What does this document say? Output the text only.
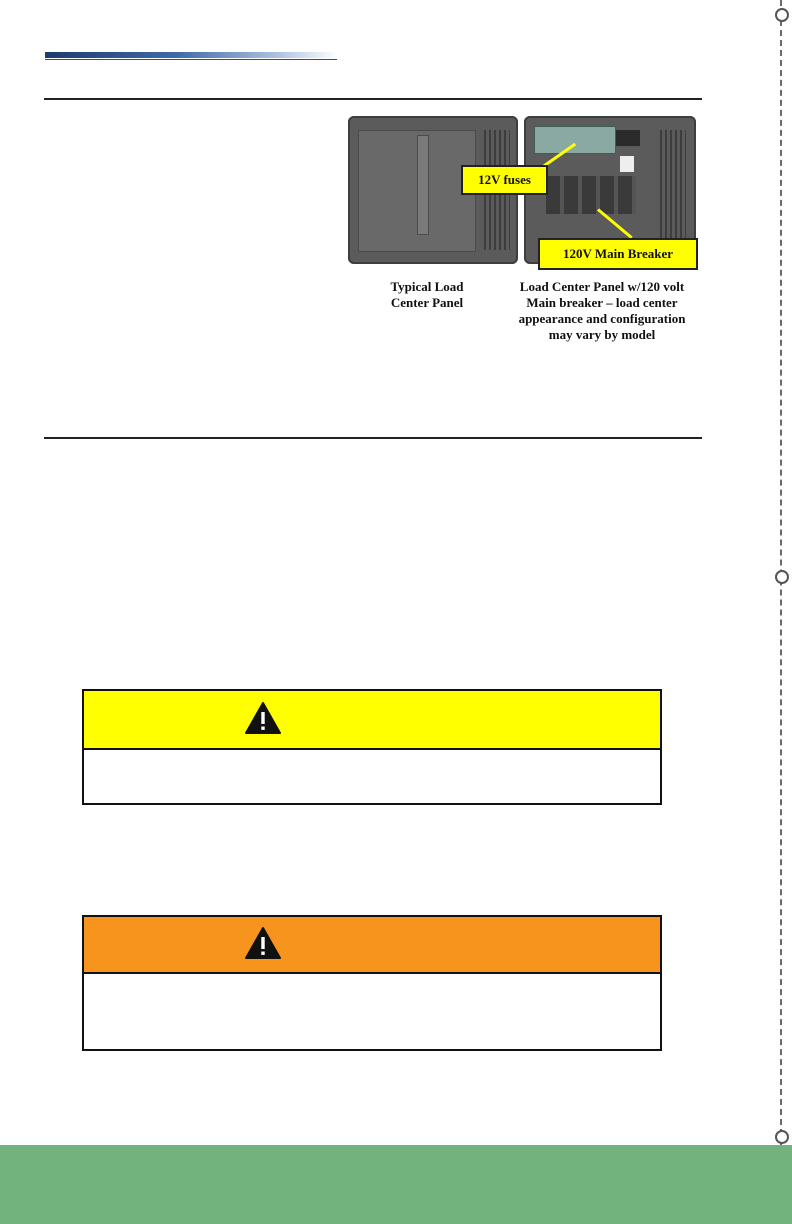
12V fuses
120V Main Breaker
Typical Load Center Panel
Load Center Panel w/120 volt Main breaker – load center appearance and configuration may vary by model
